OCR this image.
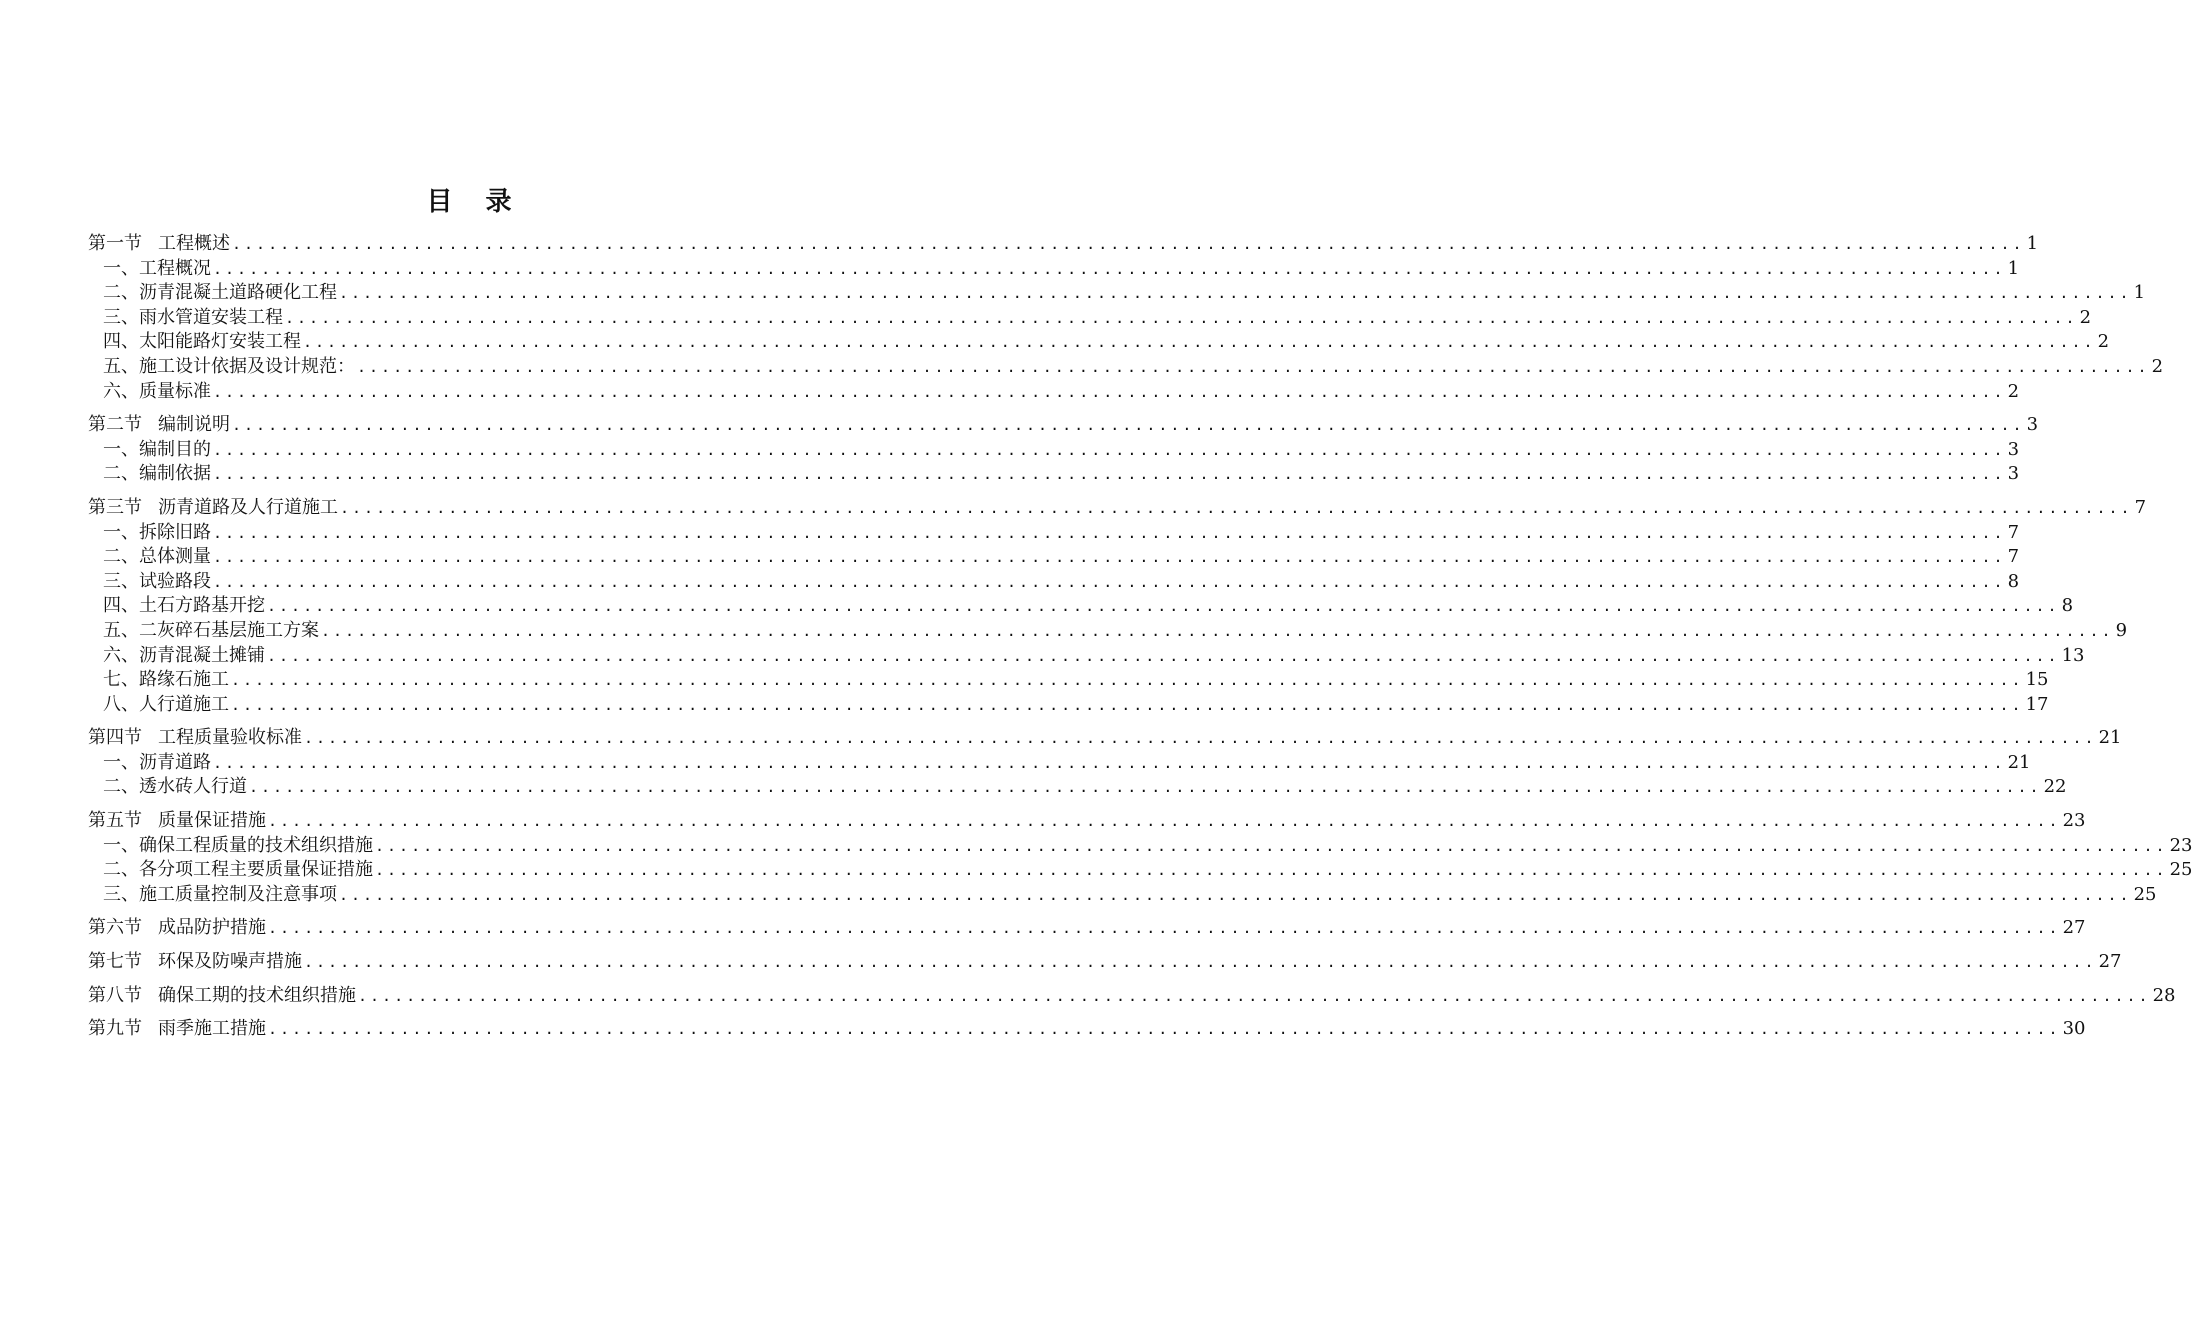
目 录
第一节 工程概述 ..................................................................................................................................................... 1
一、工程概况 ..................................................................................................................................................... 1
二、沥青混凝土道路硬化工程 ..................................................................................................................................................... 1
三、雨水管道安装工程 ..................................................................................................................................................... 2
四、太阳能路灯安装工程 ..................................................................................................................................................... 2
五、施工设计依据及设计规范： ..................................................................................................................................................... 2
六、质量标准 ..................................................................................................................................................... 2
第二节 编制说明 ..................................................................................................................................................... 3
一、编制目的 ..................................................................................................................................................... 3
二、编制依据 ..................................................................................................................................................... 3
第三节 沥青道路及人行道施工 ..................................................................................................................................................... 7
一、拆除旧路 ..................................................................................................................................................... 7
二、总体测量 ..................................................................................................................................................... 7
三、试验路段 ..................................................................................................................................................... 8
四、土石方路基开挖 ..................................................................................................................................................... 8
五、二灰碎石基层施工方案 ..................................................................................................................................................... 9
六、沥青混凝土摊铺 ..................................................................................................................................................... 13
七、路缘石施工 ..................................................................................................................................................... 15
八、人行道施工 ..................................................................................................................................................... 17
第四节 工程质量验收标准 ..................................................................................................................................................... 21
一、沥青道路 ..................................................................................................................................................... 21
二、透水砖人行道 ..................................................................................................................................................... 22
第五节 质量保证措施 ..................................................................................................................................................... 23
一、确保工程质量的技术组织措施 ..................................................................................................................................................... 23
二、各分项工程主要质量保证措施 ..................................................................................................................................................... 25
三、施工质量控制及注意事项 ..................................................................................................................................................... 25
第六节 成品防护措施 ..................................................................................................................................................... 27
第七节 环保及防噪声措施 ..................................................................................................................................................... 27
第八节 确保工期的技术组织措施 ..................................................................................................................................................... 28
第九节 雨季施工措施 ..................................................................................................................................................... 30
